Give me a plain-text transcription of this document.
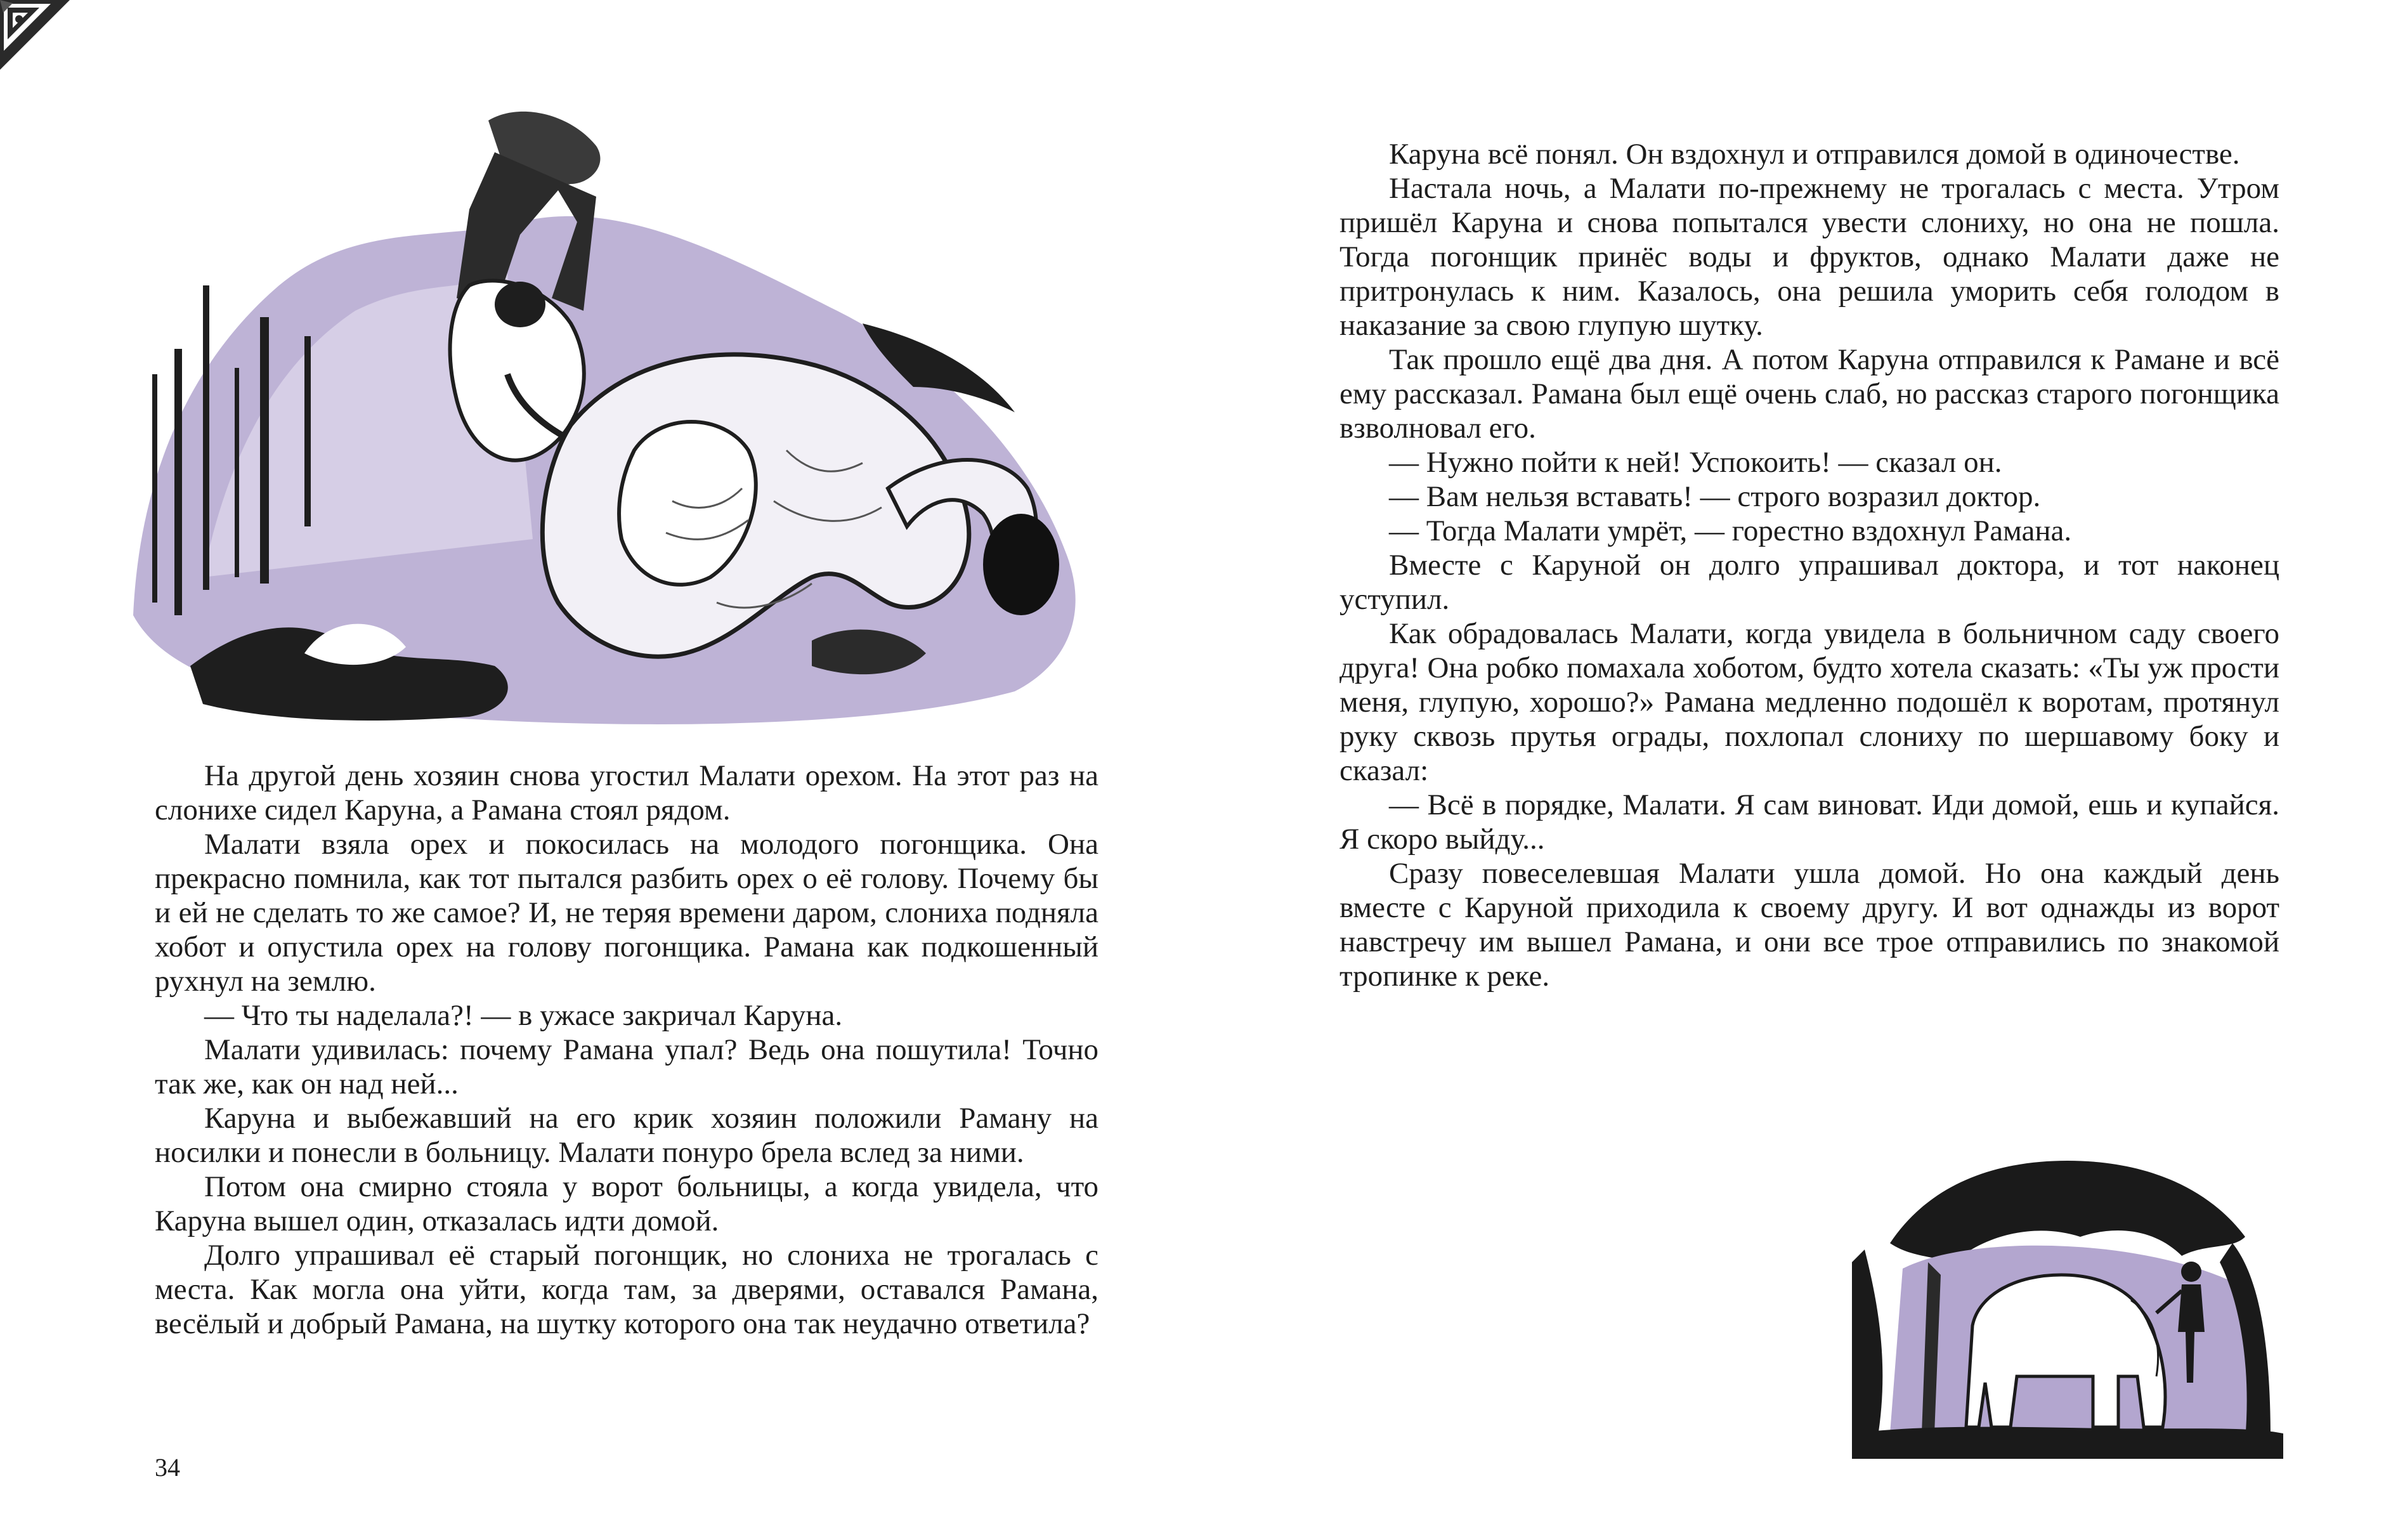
На другой день хозяин снова угостил Малати орехом. На этот раз на слонихе сидел Каруна, а Рамана стоял рядом.

Малати взяла орех и покосилась на молодого погонщика. Она прекрасно помнила, как тот пытался разбить орех о её голову. Почему бы и ей не сделать то же самое? И, не теряя времени даром, слониха подняла хобот и опустила орех на голову погонщика. Рамана как подкошенный рухнул на землю.

— Что ты наделала?! — в ужасе закричал Каруна.

Малати удивилась: почему Рамана упал? Ведь она пошутила! Точно так же, как он над ней...

Каруна и выбежавший на его крик хозяин положили Раману на носилки и понесли в больницу. Малати понуро брела вслед за ними.

Потом она смирно стояла у ворот больницы, а когда увидела, что Каруна вышел один, отказалась идти домой.

Долго упрашивал её старый погонщик, но слониха не трогалась с места. Как могла она уйти, когда там, за дверями, оставался Рамана, весёлый и добрый Рамана, на шутку которого она так неудачно ответила?

Каруна всё понял. Он вздохнул и отправился домой в одиночестве.

Настала ночь, а Малати по-прежнему не трогалась с места. Утром пришёл Каруна и снова попытался увести слониху, но она не пошла. Тогда погонщик принёс воды и фруктов, однако Малати даже не притронулась к ним. Казалось, она решила уморить себя голодом в наказание за свою глупую шутку.

Так прошло ещё два дня. А потом Каруна отправился к Рамане и всё ему рассказал. Рамана был ещё очень слаб, но рассказ старого погонщика взволновал его.

— Нужно пойти к ней! Успокоить! — сказал он.

— Вам нельзя вставать! — строго возразил доктор.

— Тогда Малати умрёт, — горестно вздохнул Рамана.

Вместе с Каруной он долго упрашивал доктора, и тот наконец уступил.

Как обрадовалась Малати, когда увидела в больничном саду своего друга! Она робко помахала хоботом, будто хотела сказать: «Ты уж прости меня, глупую, хорошо?» Рамана медленно подошёл к воротам, протянул руку сквозь прутья ограды, похлопал слониху по шершавому боку и сказал:

— Всё в порядке, Малати. Я сам виноват. Иди домой, ешь и купайся. Я скоро выйду...

Сразу повеселевшая Малати ушла домой. Но она каждый день вместе с Каруной приходила к своему другу. И вот однажды из ворот навстречу им вышел Рамана, и они все трое отправились по знакомой тропинке к реке.

34
